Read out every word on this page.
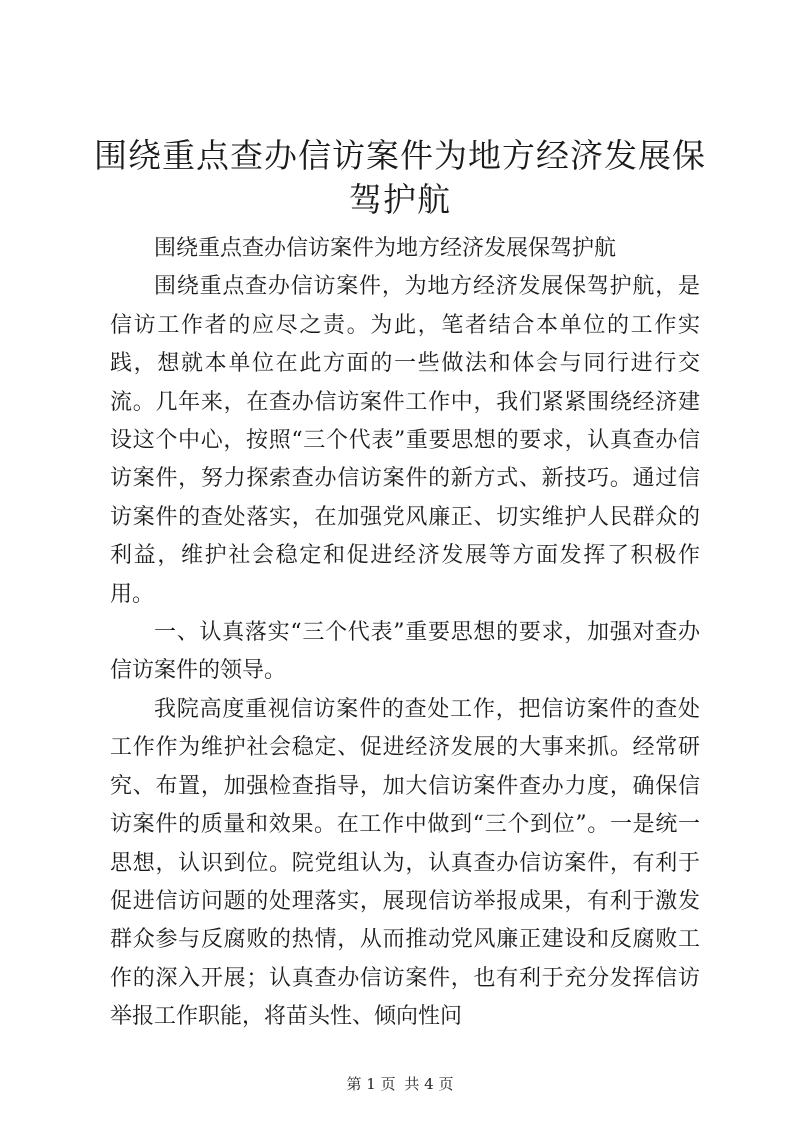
围绕重点查办信访案件为地方经济发展保驾护航

围绕重点查办信访案件为地方经济发展保驾护航

围绕重点查办信访案件，为地方经济发展保驾护航，是信访工作者的应尽之责。为此，笔者结合本单位的工作实践，想就本单位在此方面的一些做法和体会与同行进行交流。几年来，在查办信访案件工作中，我们紧紧围绕经济建设这个中心，按照“三个代表”重要思想的要求，认真查办信访案件，努力探索查办信访案件的新方式、新技巧。通过信访案件的查处落实，在加强党风廉正、切实维护人民群众的利益，维护社会稳定和促进经济发展等方面发挥了积极作用。

一、认真落实“三个代表”重要思想的要求，加强对查办信访案件的领导。

我院高度重视信访案件的查处工作，把信访案件的查处工作作为维护社会稳定、促进经济发展的大事来抓。经常研究、布置，加强检查指导，加大信访案件查办力度，确保信访案件的质量和效果。在工作中做到“三个到位”。一是统一思想，认识到位。院党组认为，认真查办信访案件，有利于促进信访问题的处理落实，展现信访举报成果，有利于激发群众参与反腐败的热情，从而推动党风廉正建设和反腐败工作的深入开展；认真查办信访案件，也有利于充分发挥信访举报工作职能，将苗头性、倾向性问

第 1 页 共 4 页
